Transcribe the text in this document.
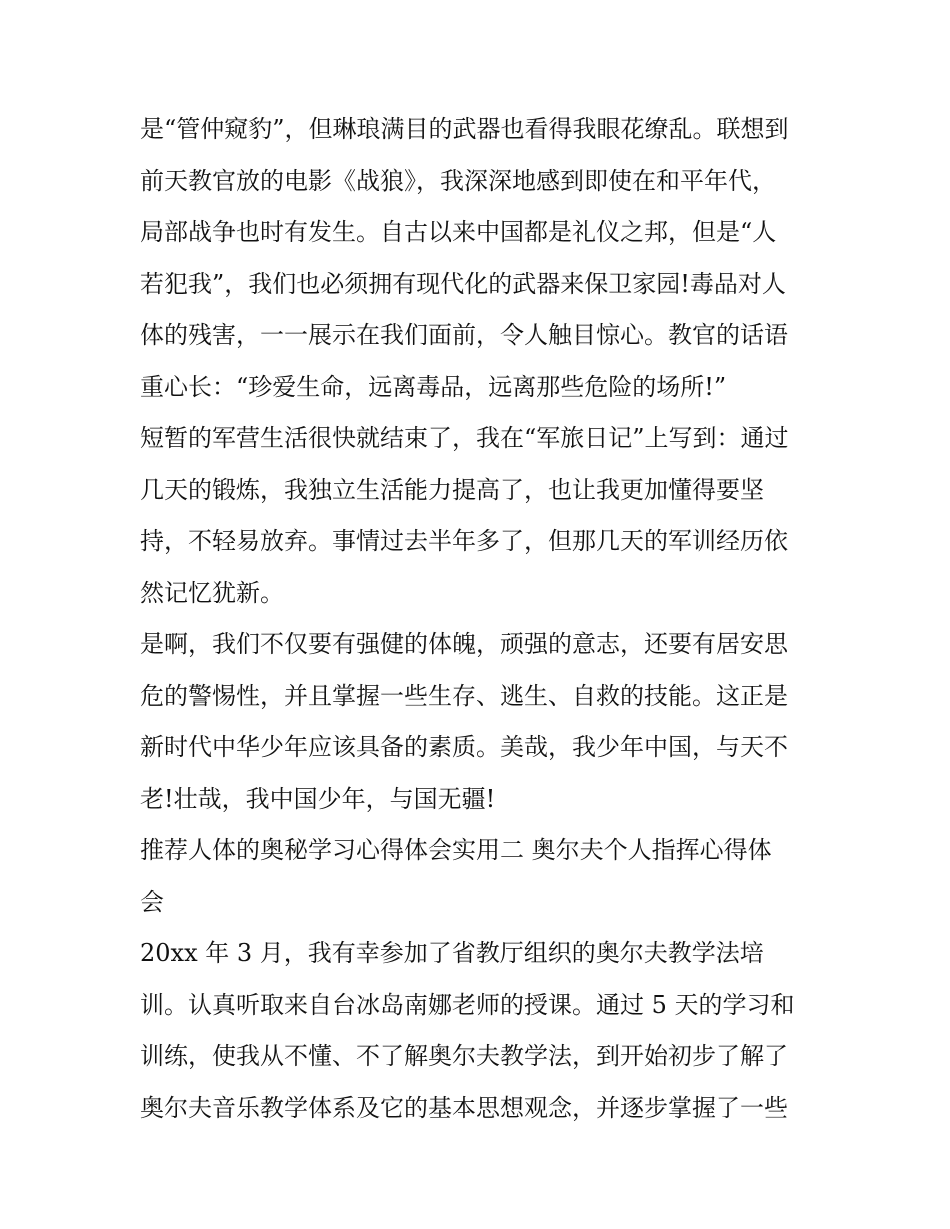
是“管仲窥豹”，但琳琅满目的武器也看得我眼花缭乱。联想到
前天教官放的电影《战狼》，我深深地感到即使在和平年代，
局部战争也时有发生。自古以来中国都是礼仪之邦，但是“人
若犯我”，我们也必须拥有现代化的武器来保卫家园!毒品对人
体的残害，一一展示在我们面前，令人触目惊心。教官的话语
重心长：“珍爱生命，远离毒品，远离那些危险的场所!”
短暂的军营生活很快就结束了，我在“军旅日记”上写到：通过
几天的锻炼，我独立生活能力提高了，也让我更加懂得要坚
持，不轻易放弃。事情过去半年多了，但那几天的军训经历依
然记忆犹新。
是啊，我们不仅要有强健的体魄，顽强的意志，还要有居安思
危的警惕性，并且掌握一些生存、逃生、自救的技能。这正是
新时代中华少年应该具备的素质。美哉，我少年中国，与天不
老!壮哉，我中国少年，与国无疆!
推荐人体的奥秘学习心得体会实用二 奥尔夫个人指挥心得体
会
20xx 年 3 月，我有幸参加了省教厅组织的奥尔夫教学法培
训。认真听取来自台冰岛南娜老师的授课。通过 5 天的学习和
训练，使我从不懂、不了解奥尔夫教学法，到开始初步了解了
奥尔夫音乐教学体系及它的基本思想观念，并逐步掌握了一些
